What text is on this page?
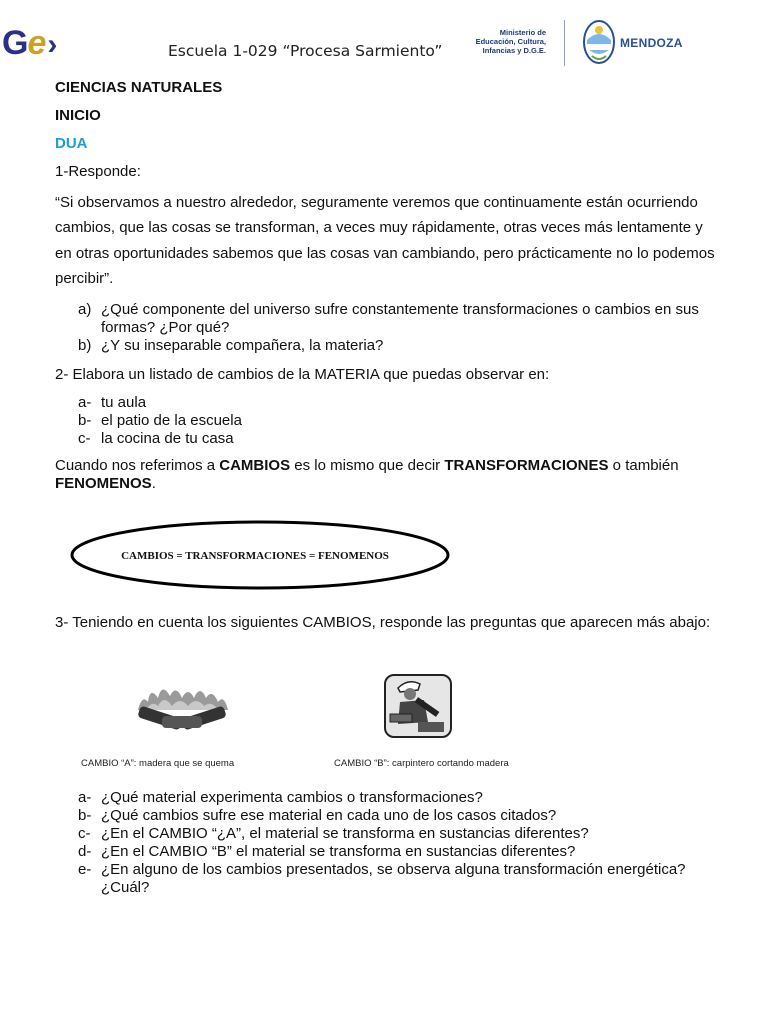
Ge›	Escuela 1-029 “Procesa Sarmiento”
Ministerio de
Educación, Cultura,
Infancias y D.G.E.
MENDOZA
CIENCIAS NATURALES
INICIO
DUA
1-Responde:
“Si observamos a nuestro alrededor, seguramente veremos que continuamente están ocurriendo cambios, que las cosas se transforman, a veces muy rápidamente, otras veces más lentamente y en otras oportunidades sabemos que las cosas van cambiando, pero prácticamente no lo podemos percibir”.
a) ¿Qué componente del universo sufre constantemente transformaciones o cambios en sus formas? ¿Por qué?
b) ¿Y su inseparable compañera, la materia?
2- Elabora un listado de cambios de la MATERIA que puedas observar en:
a- tu aula
b- el patio de la escuela
c- la cocina de tu casa
Cuando nos referimos a CAMBIOS es lo mismo que decir TRANSFORMACIONES o también FENOMENOS.
CAMBIOS = TRANSFORMACIONES = FENOMENOS
3- Teniendo en cuenta los siguientes CAMBIOS, responde las preguntas que aparecen más abajo:
CAMBIO “A”: madera que se quema	CAMBIO “B”: carpintero cortando madera
a- ¿Qué material experimenta cambios o transformaciones?
b- ¿Qué cambios sufre ese material en cada uno de los casos citados?
c- ¿En el CAMBIO “¿A”, el material se transforma en sustancias diferentes?
d- ¿En el CAMBIO “B” el material se transforma en sustancias diferentes?
e- ¿En alguno de los cambios presentados, se observa alguna transformación energética? ¿Cuál?
